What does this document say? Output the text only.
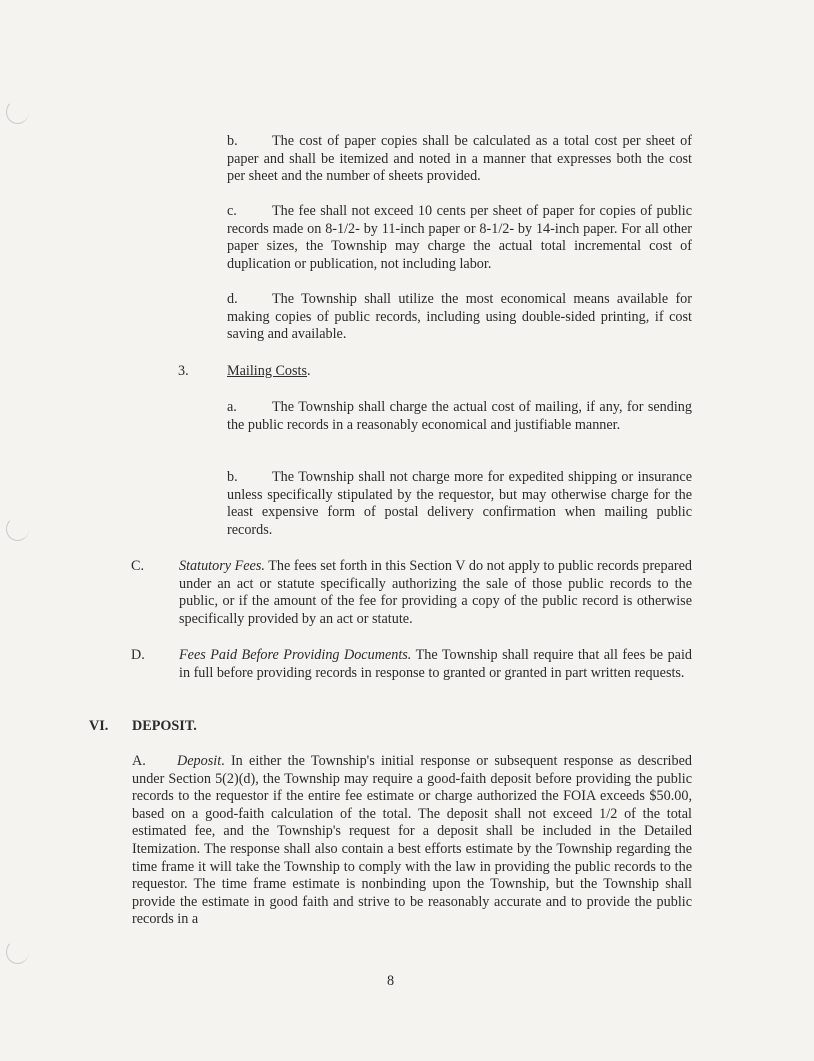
b. The cost of paper copies shall be calculated as a total cost per sheet of paper and shall be itemized and noted in a manner that expresses both the cost per sheet and the number of sheets provided.

c. The fee shall not exceed 10 cents per sheet of paper for copies of public records made on 8-1/2- by 11-inch paper or 8-1/2- by 14-inch paper. For all other paper sizes, the Township may charge the actual total incremental cost of duplication or publication, not including labor.

d. The Township shall utilize the most economical means available for making copies of public records, including using double-sided printing, if cost saving and available.

3.	Mailing Costs.

a. The Township shall charge the actual cost of mailing, if any, for sending the public records in a reasonably economical and justifiable manner.

b. The Township shall not charge more for expedited shipping or insurance unless specifically stipulated by the requestor, but may otherwise charge for the least expensive form of postal delivery confirmation when mailing public records.

C.	Statutory Fees. The fees set forth in this Section V do not apply to public records prepared under an act or statute specifically authorizing the sale of those public records to the public, or if the amount of the fee for providing a copy of the public record is otherwise specifically provided by an act or statute.

D.	Fees Paid Before Providing Documents. The Township shall require that all fees be paid in full before providing records in response to granted or granted in part written requests.

VI. DEPOSIT.

A. Deposit. In either the Township's initial response or subsequent response as described under Section 5(2)(d), the Township may require a good-faith deposit before providing the public records to the requestor if the entire fee estimate or charge authorized the FOIA exceeds $50.00, based on a good-faith calculation of the total. The deposit shall not exceed 1/2 of the total estimated fee, and the Township's request for a deposit shall be included in the Detailed Itemization. The response shall also contain a best efforts estimate by the Township regarding the time frame it will take the Township to comply with the law in providing the public records to the requestor. The time frame estimate is nonbinding upon the Township, but the Township shall provide the estimate in good faith and strive to be reasonably accurate and to provide the public records in a

8
